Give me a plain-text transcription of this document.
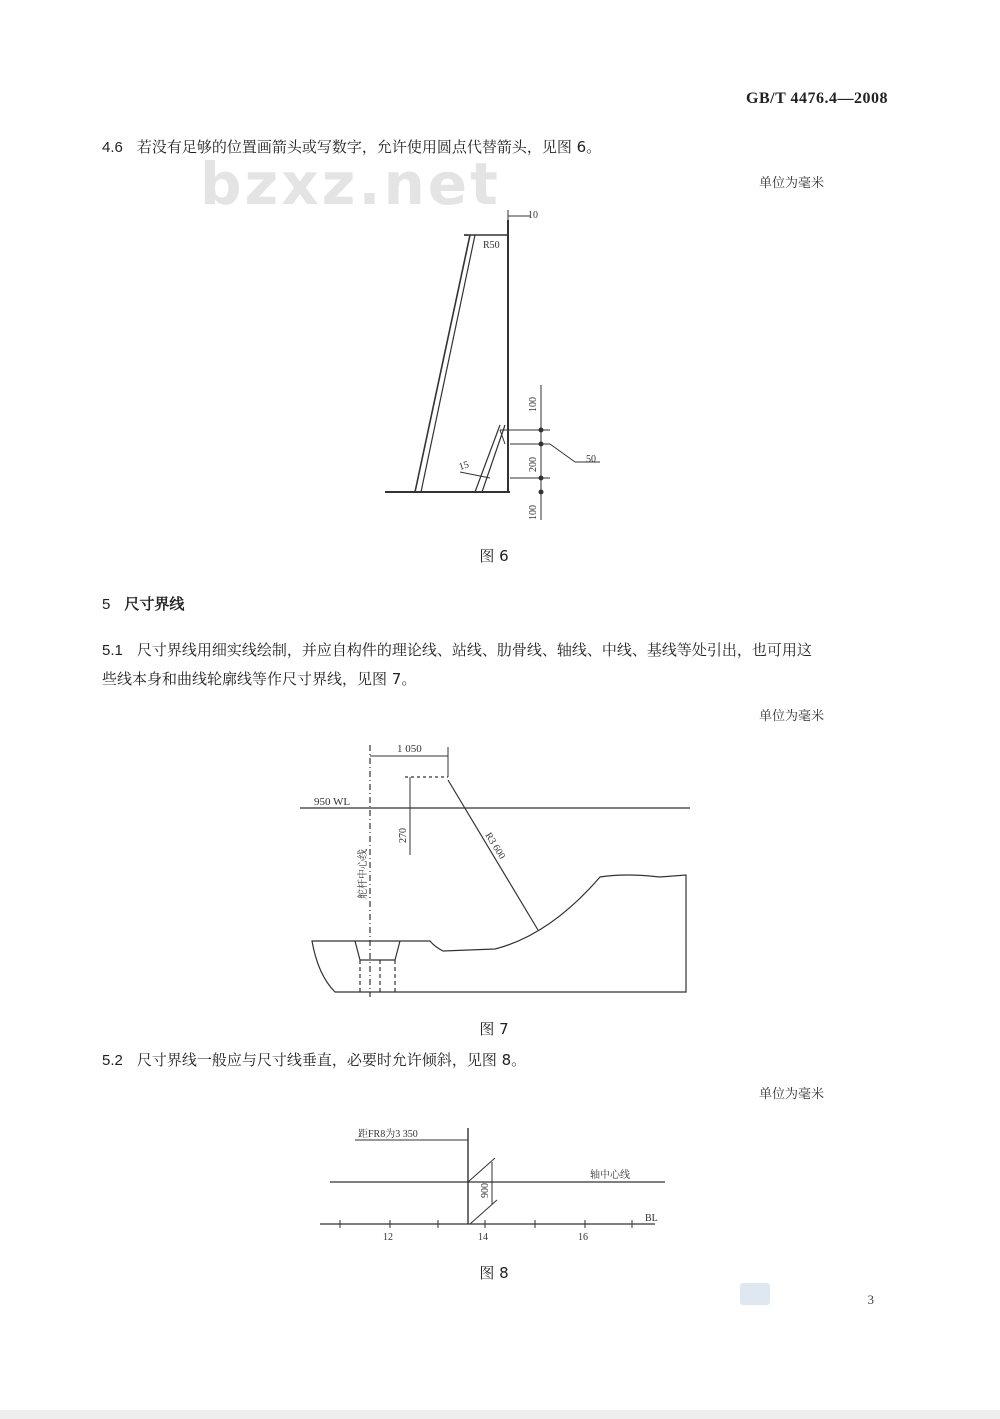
GB/T 4476.4—2008
bzxz.net
4.6 若没有足够的位置画箭头或写数字，允许使用圆点代替箭头，见图 6。
单位为毫米
10
R50
100
200	50
15
100
图 6
5 尺寸界线
5.1 尺寸界线用细实线绘制，并应自构件的理论线、站线、肋骨线、轴线、中线、基线等处引出，也可用这
些线本身和曲线轮廓线等作尺寸界线，见图 7。
单位为毫米
1 050
950 WL
270	R3 600
舵杆中心线
图 7
5.2 尺寸界线一般应与尺寸线垂直，必要时允许倾斜，见图 8。
单位为毫米
距FR8为3 350
轴中心线
900
BL
12	14	16
图 8
3
